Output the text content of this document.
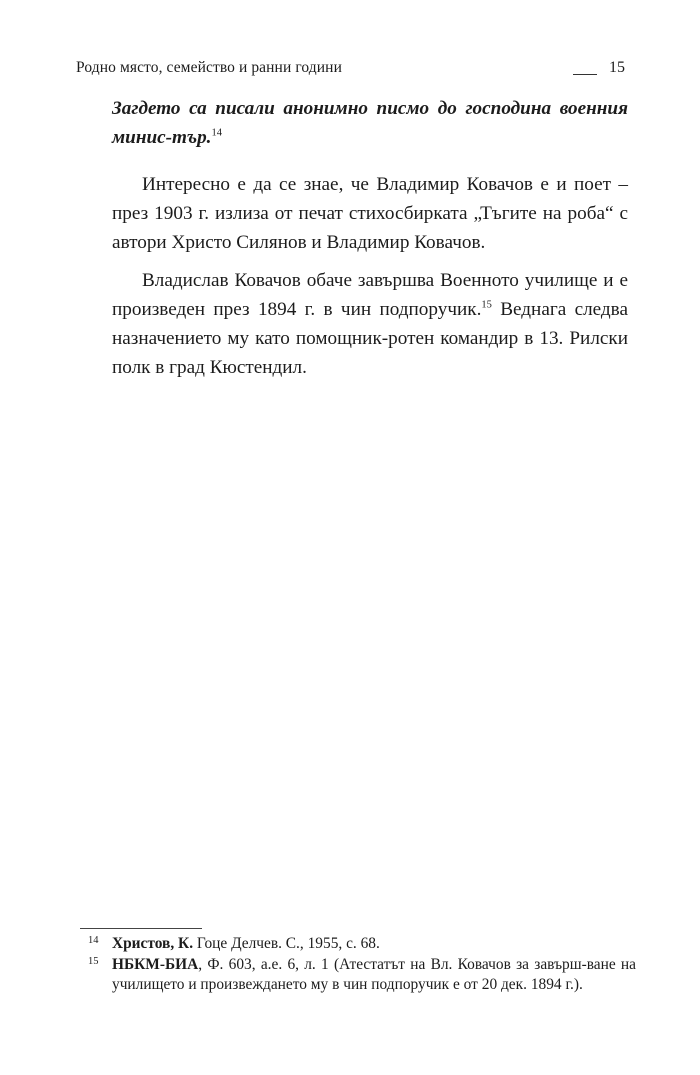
Родно място, семейство и ранни години	15

Загдето са писали анонимно писмо до господина военния минис-тър.$^{14}$

Интересно е да се знае, че Владимир Ковачов е и поет – през 1903 г. излиза от печат стихосбирката „Тъгите на роба“ с автори Христо Силянов и Владимир Ковачов.

Владислав Ковачов обаче завършва Военното училище и е произведен през 1894 г. в чин подпоручик.$^{15}$ Веднага следва назначението му като помощник-ротен командир в 13. Рилски полк в град Кюстендил.

14 Христов, К. Гоце Делчев. С., 1955, с. 68.

15 НБКМ-БИА, Ф. 603, а.е. 6, л. 1 (Атестатът на Вл. Ковачов за завърш-ване на училището и произвеждането му в чин подпоручик е от 20 дек. 1894 г.).
